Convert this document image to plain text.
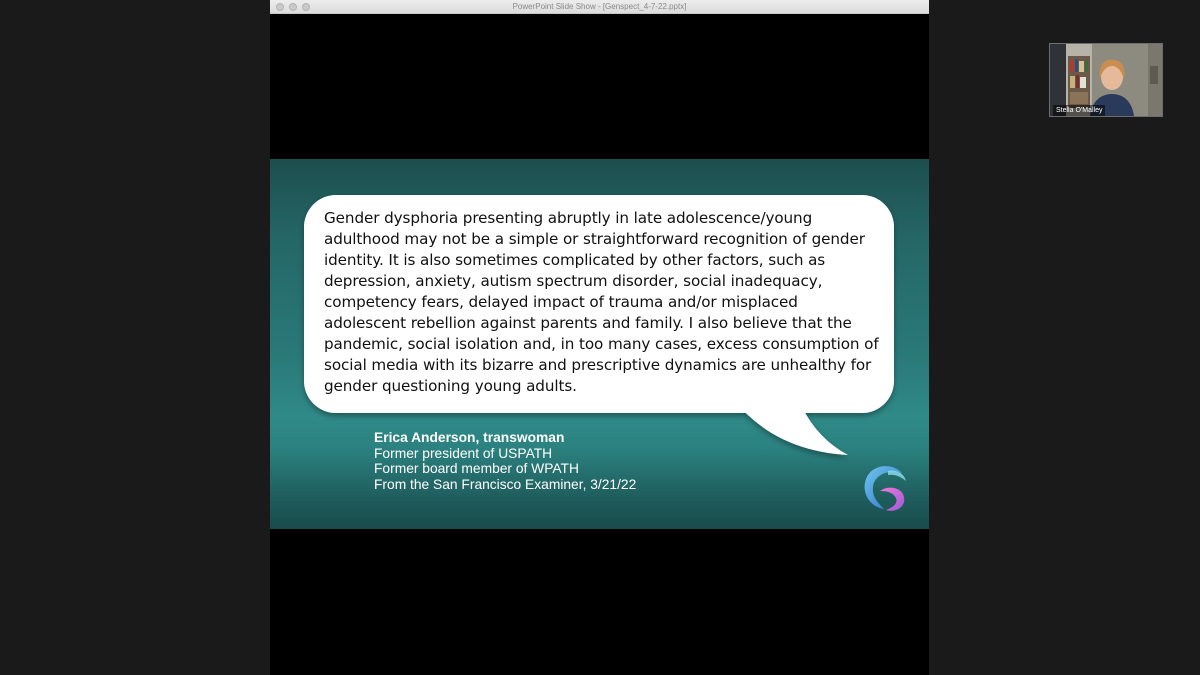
PowerPoint Slide Show - [Genspect_4-7-22.pptx]

Gender dysphoria presenting abruptly in late adolescence/young adulthood may not be a simple or straightforward recognition of gender identity. It is also sometimes complicated by other factors, such as depression, anxiety, autism spectrum disorder, social inadequacy, competency fears, delayed impact of trauma and/or misplaced adolescent rebellion against parents and family. I also believe that the pandemic, social isolation and, in too many cases, excess consumption of social media with its bizarre and prescriptive dynamics are unhealthy for gender questioning young adults.

Erica Anderson, transwoman
Former president of USPATH
Former board member of WPATH
From the San Francisco Examiner, 3/21/22
Stella O'Malley
